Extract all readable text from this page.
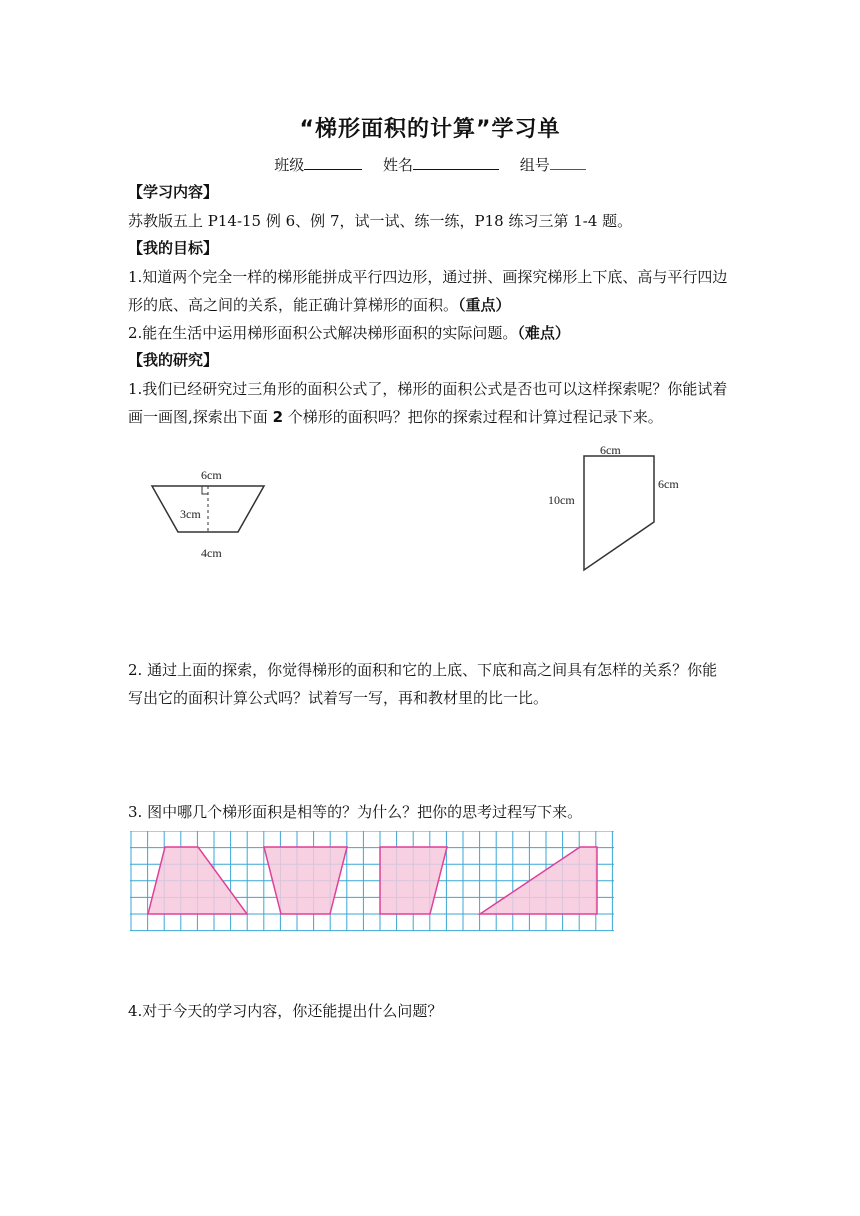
“梯形面积的计算”学习单
班级	姓名	组号
【学习内容】
苏教版五上 P14-15 例 6、例 7，试一试、练一练，P18 练习三第 1-4 题。
【我的目标】
1.知道两个完全一样的梯形能拼成平行四边形，通过拼、画探究梯形上下底、高与平行四边形的底、高之间的关系，能正确计算梯形的面积。（重点）
2.能在生活中运用梯形面积公式解决梯形面积的实际问题。（难点）
【我的研究】
1.我们已经研究过三角形的面积公式了，梯形的面积公式是否也可以这样探索呢？你能试着画一画图,探索出下面 2 个梯形的面积吗？把你的探索过程和计算过程记录下来。
6cm
3cm
4cm
6cm
10cm
6cm
2. 通过上面的探索，你觉得梯形的面积和它的上底、下底和高之间具有怎样的关系？你能写出它的面积计算公式吗？试着写一写，再和教材里的比一比。
3. 图中哪几个梯形面积是相等的？为什么？把你的思考过程写下来。
4.对于今天的学习内容，你还能提出什么问题？
